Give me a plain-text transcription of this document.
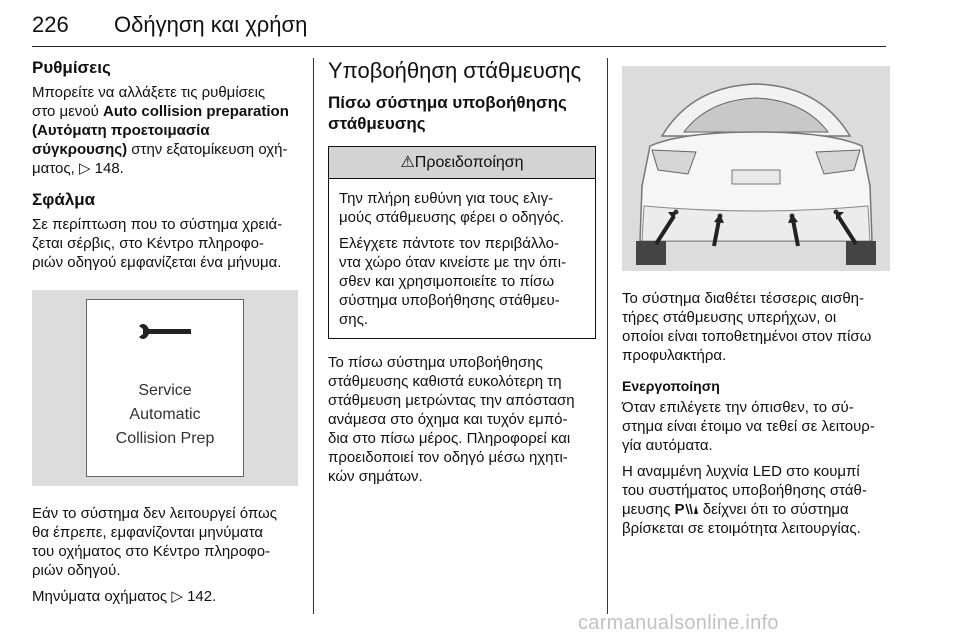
226 Οδήγηση και χρήση
Ρυθμίσεις

Μπορείτε να αλλάξετε τις ρυθμίσεις
στο μενού Auto collision preparation
(Αυτόματη προετοιμασία
σύγκρουσης) στην εξατομίκευση οχή-
ματος, ▷ 148.

Σφάλμα

Σε περίπτωση που το σύστημα χρειά-
ζεται σέρβις, στο Κέντρο πληροφο-
ριών οδηγού εμφανίζεται ένα μήνυμα.

Service
Automatic
Collision Prep

Εάν το σύστημα δεν λειτουργεί όπως
θα έπρεπε, εμφανίζονται μηνύματα
του οχήματος στο Κέντρο πληροφο-
ριών οδηγού.

Μηνύματα οχήματος ▷ 142.

Υποβοήθηση στάθμευσης
Πίσω σύστημα υποβοήθησης
στάθμευσης
⚠Προειδοποίηση

Την πλήρη ευθύνη για τους ελιγ-
μούς στάθμευσης φέρει ο οδηγός.

Ελέγχετε πάντοτε τον περιβάλλο-
ντα χώρο όταν κινείστε με την όπι-
σθεν και χρησιμοποιείτε το πίσω
σύστημα υποβοήθησης στάθμευ-
σης.

Το πίσω σύστημα υποβοήθησης
στάθμευσης καθιστά ευκολότερη τη
στάθμευση μετρώντας την απόσταση
ανάμεσα στο όχημα και τυχόν εμπό-
δια στο πίσω μέρος. Πληροφορεί και
προειδοποιεί τον οδηγό μέσω ηχητι-
κών σημάτων.

Το σύστημα διαθέτει τέσσερις αισθη-
τήρες στάθμευσης υπερήχων, οι
οποίοι είναι τοποθετημένοι στον πίσω
προφυλακτήρα.

Ενεργοποίηση

Όταν επιλέγετε την όπισθεν, το σύ-
στημα είναι έτοιμο να τεθεί σε λειτουρ-
γία αυτόματα.

Η αναμμένη λυχνία LED στο κουμπί
του συστήματος υποβοήθησης στάθ-
μευσης P δείχνει ότι το σύστημα
βρίσκεται σε ετοιμότητα λειτουργίας.

carmanualsonline.info
